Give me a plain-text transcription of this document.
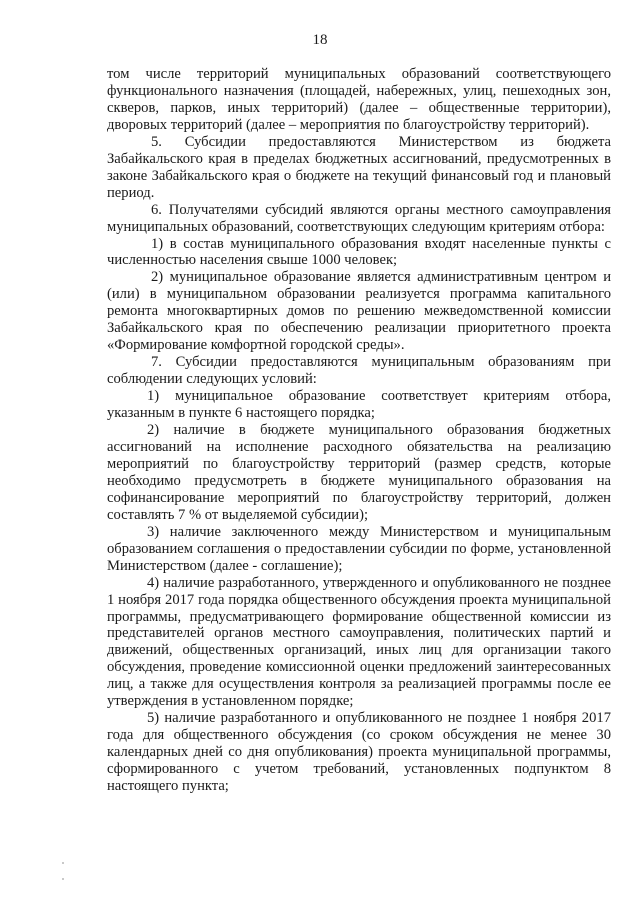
18

том числе территорий муниципальных образований соответствующего функционального назначения (площадей, набережных, улиц, пешеходных зон, скверов, парков, иных территорий) (далее – общественные территории), дворовых территорий (далее – мероприятия по благоустройству территорий).

5. Субсидии предоставляются Министерством из бюджета Забайкальского края в пределах бюджетных ассигнований, предусмотренных в законе Забайкальского края о бюджете на текущий финансовый год и плановый период.

6. Получателями субсидий являются органы местного самоуправления муниципальных образований, соответствующих следующим критериям отбора:

1) в состав муниципального образования входят населенные пункты с численностью населения свыше 1000 человек;

2) муниципальное образование является административным центром и (или) в муниципальном образовании реализуется программа капитального ремонта многоквартирных домов по решению межведомственной комиссии Забайкальского края по обеспечению реализации приоритетного проекта «Формирование комфортной городской среды».

7. Субсидии предоставляются муниципальным образованиям при соблюдении следующих условий:

1) муниципальное образование соответствует критериям отбора, указанным в пункте 6 настоящего порядка;

2) наличие в бюджете муниципального образования бюджетных ассигнований на исполнение расходного обязательства на реализацию мероприятий по благоустройству территорий (размер средств, которые необходимо предусмотреть в бюджете муниципального образования на софинансирование мероприятий по благоустройству территорий, должен составлять 7 % от выделяемой субсидии);

3) наличие заключенного между Министерством и муниципальным образованием соглашения о предоставлении субсидии по форме, установленной Министерством (далее - соглашение);

4) наличие разработанного, утвержденного и опубликованного не позднее 1 ноября 2017 года порядка общественного обсуждения проекта муниципальной программы, предусматривающего формирование общественной комиссии из представителей органов местного самоуправления, политических партий и движений, общественных организаций, иных лиц для организации такого обсуждения, проведение комиссионной оценки предложений заинтересованных лиц, а также для осуществления контроля за реализацией программы после ее утверждения в установленном порядке;

5) наличие разработанного и опубликованного не позднее 1 ноября 2017 года для общественного обсуждения (со сроком обсуждения не менее 30 календарных дней со дня опубликования) проекта муниципальной программы, сформированного с учетом требований, установленных подпунктом 8 настоящего пункта;
